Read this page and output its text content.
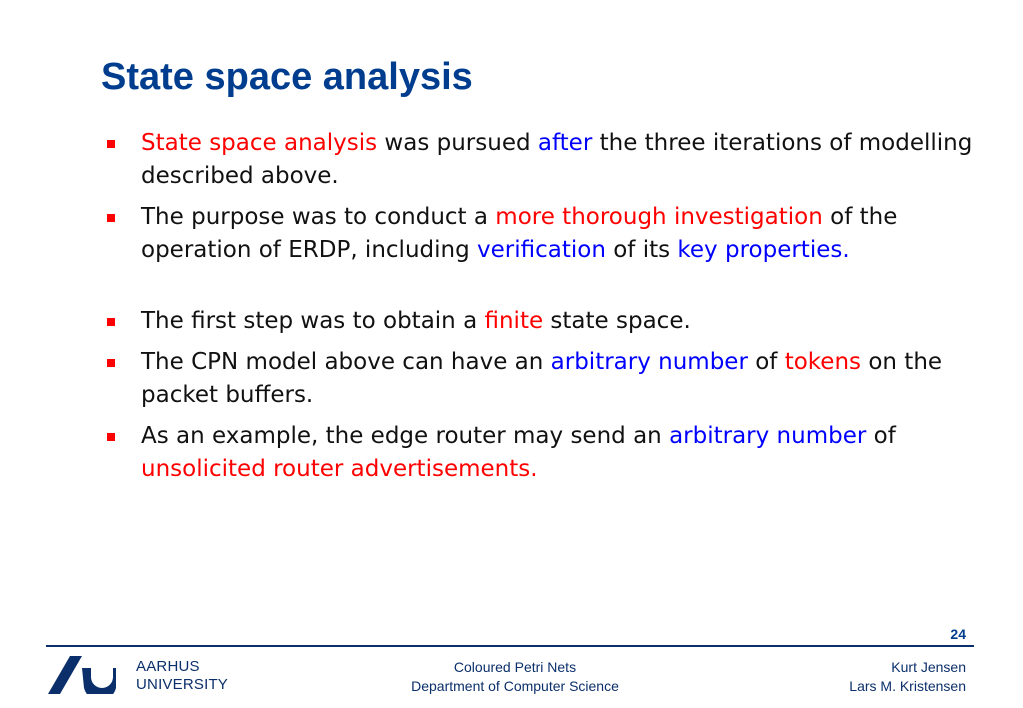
State space analysis
State space analysis was pursued after the three iterations of modelling described above.
The purpose was to conduct a more thorough investigation of the operation of ERDP, including verification of its key properties.
The first step was to obtain a finite state space.
The CPN model above can have an arbitrary number of tokens on the packet buffers.
As an example, the edge router may send an arbitrary number of unsolicited router advertisements.
24
AARHUS
UNIVERSITY
Coloured Petri Nets
Department of Computer Science
Kurt Jensen
Lars M. Kristensen
